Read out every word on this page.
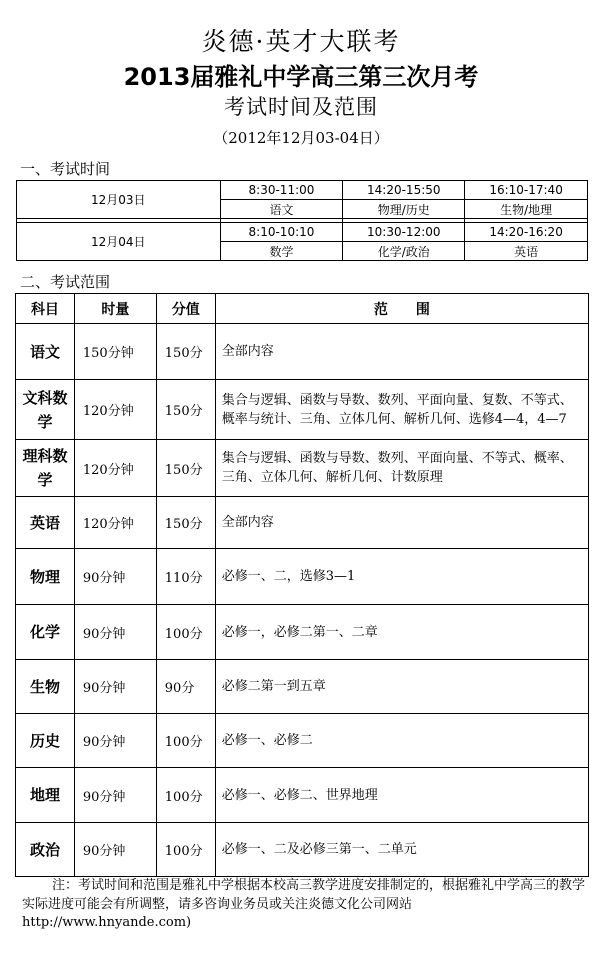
炎德·英才大联考
2013届雅礼中学高三第三次月考
考试时间及范围
（2012年12月03-04日）
一、考试时间
12月03日	8:30-11:00	14:20-15:50	16:10-17:40
	语文	物理/历史	生物/地理

12月04日	8:10-10:10	10:30-12:00	14:20-16:20
	数学	化学/政治	英语
二、考试范围
科目	时量	分值	范　　围
语文	150分钟	150分	全部内容
文科数学	120分钟	150分	集合与逻辑、函数与导数、数列、平面向量、复数、不等式、概率与统计、三角、立体几何、解析几何、选修4—4，4—7
理科数学	120分钟	150分	集合与逻辑、函数与导数、数列、平面向量、不等式、概率、三角、立体几何、解析几何、计数原理
英语	120分钟	150分	全部内容
物理	90分钟	110分	必修一、二，选修3—1
化学	90分钟	100分	必修一，必修二第一、二章
生物	90分钟	90分	必修二第一到五章
历史	90分钟	100分	必修一、必修二
地理	90分钟	100分	必修一、必修二、世界地理
政治	90分钟	100分	必修一、二及必修三第一、二单元
注：考试时间和范围是雅礼中学根据本校高三教学进度安排制定的，根据雅礼中学高三的教学实际进度可能会有所调整，请多咨询业务员或关注炎德文化公司网站
http://www.hnyande.com)
